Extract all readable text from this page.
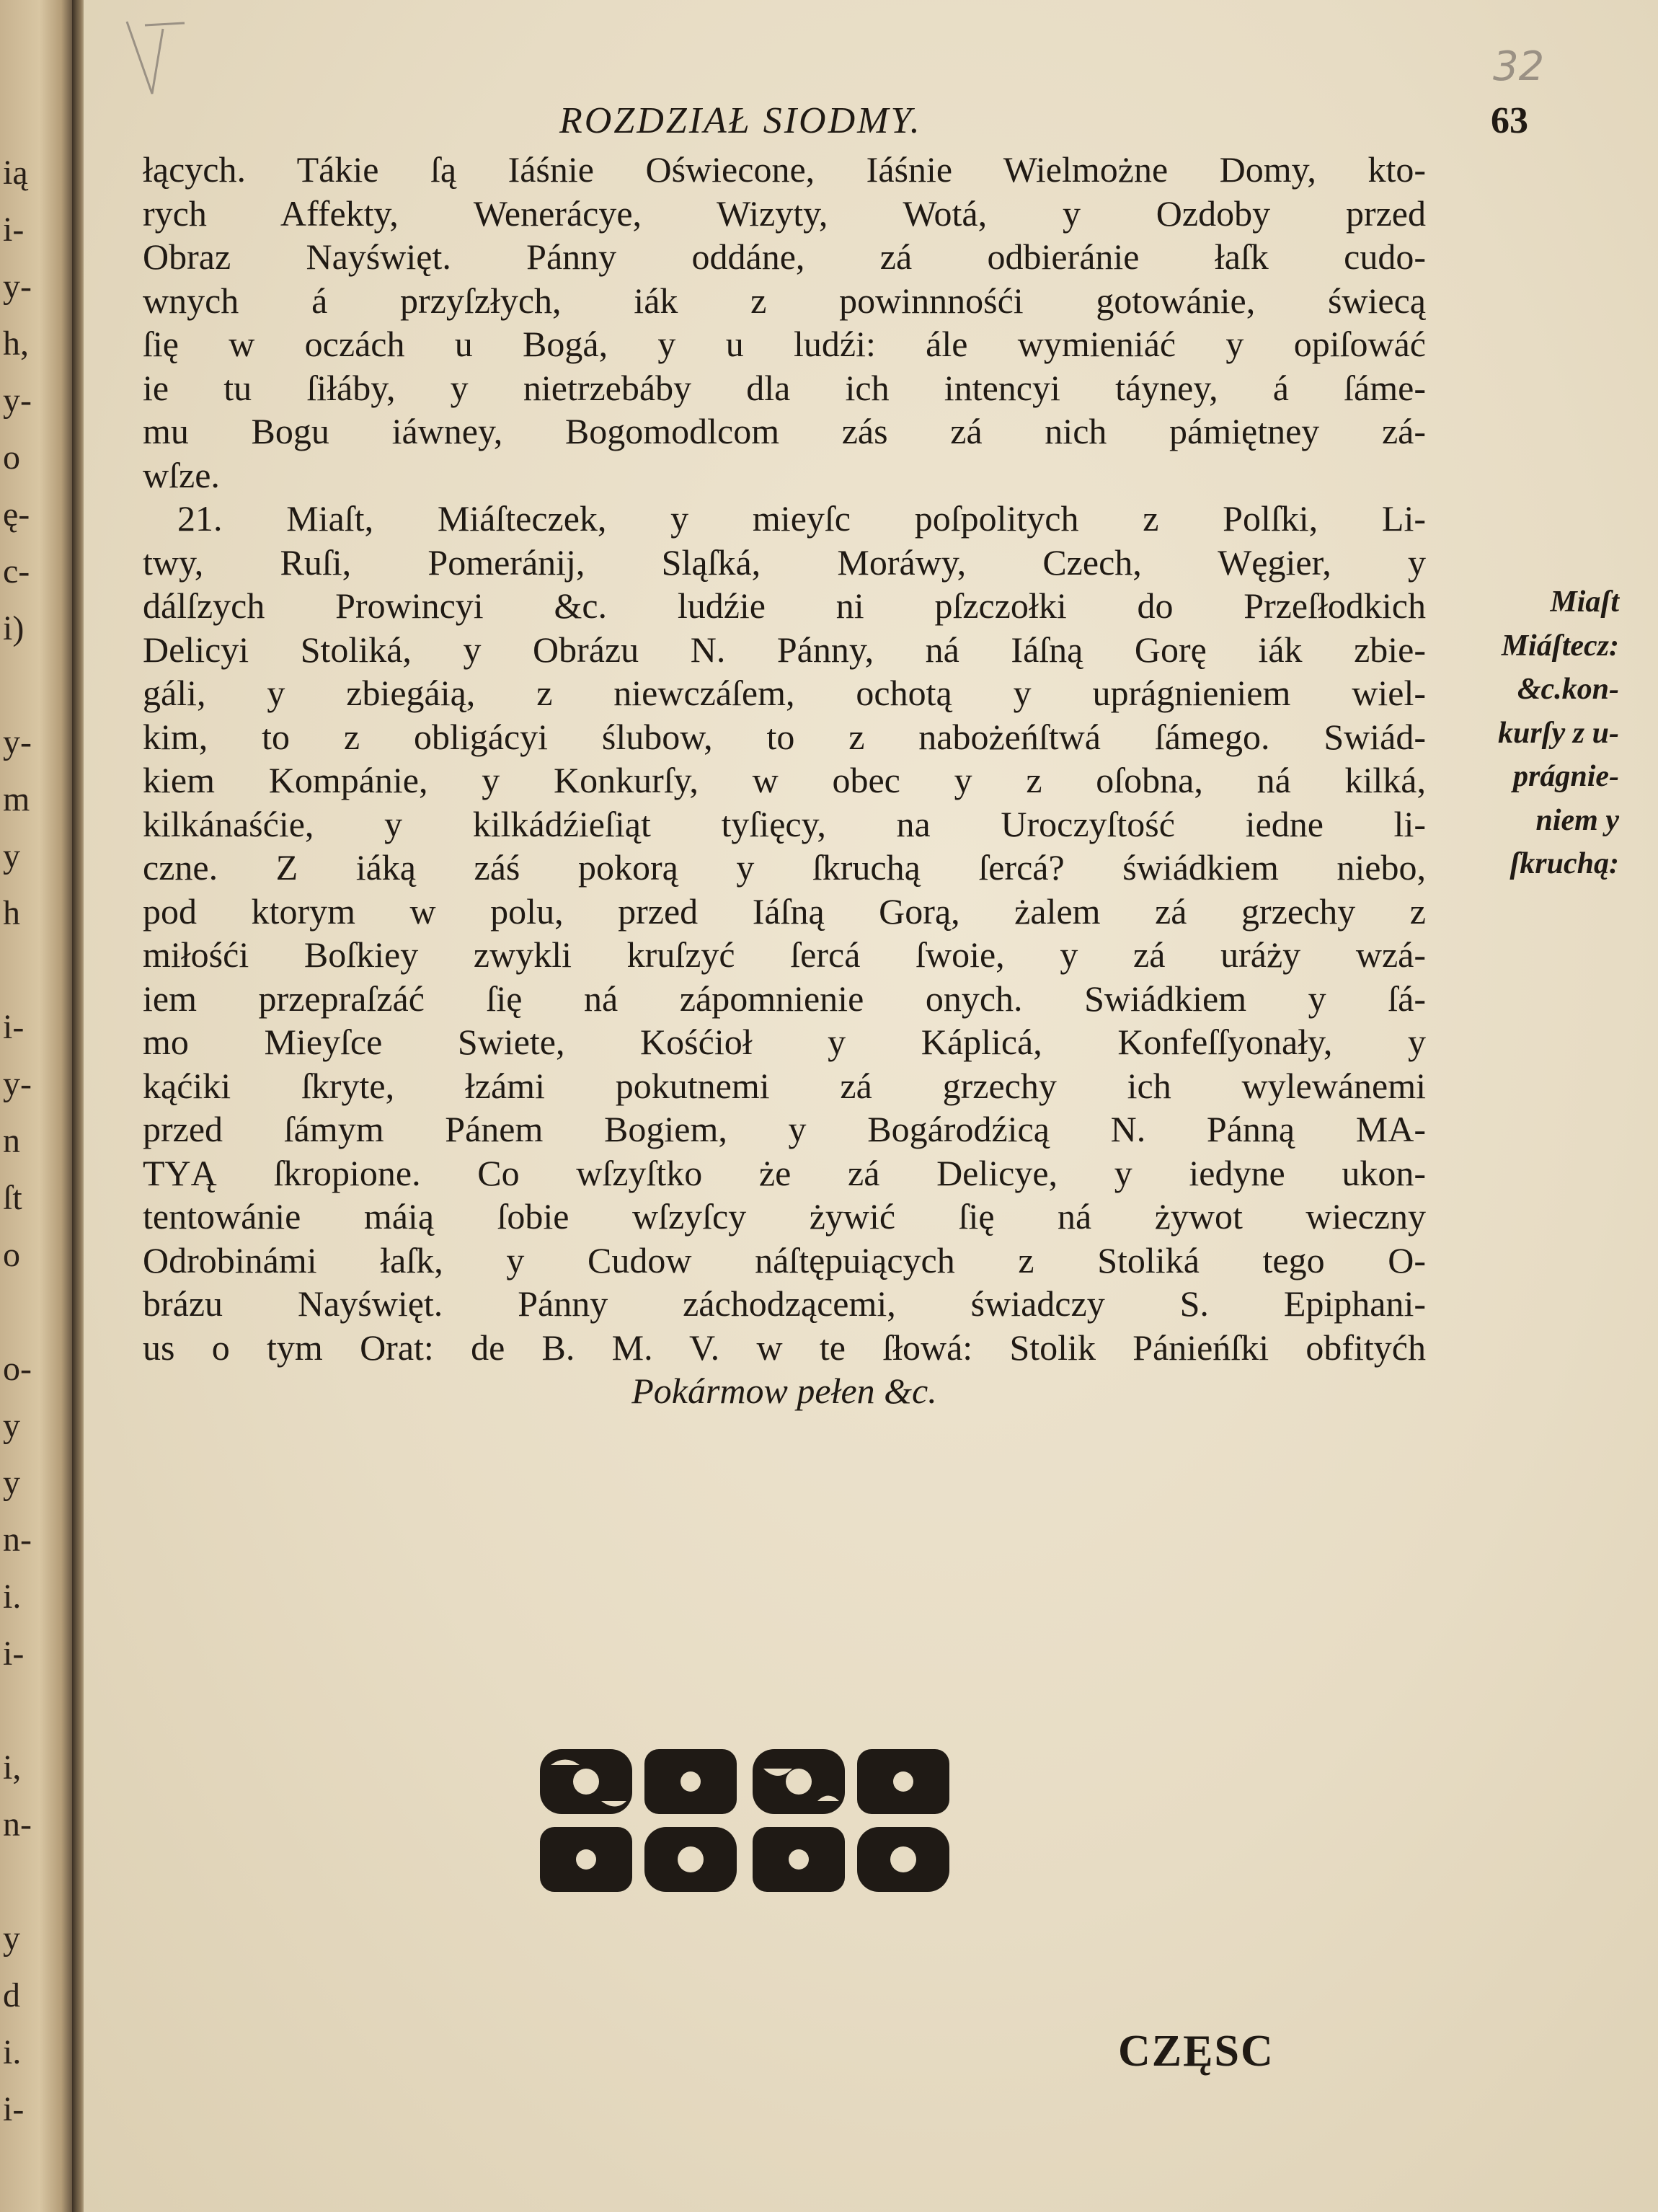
ią
i-
y-
h,
y-
o
ę-
c-
i)
y-
m
y
h
i-
y-
n
ſt
o
o-
y
y
n-
i.
i-
i,
n-
y
d
i.
i-
32
ROZDZIAŁ SIODMY.	63
łących. Tákie ſą Iáśnie Oświecone, Iáśnie Wielmożne Domy, kto-
rych Affekty, Wenerácye, Wizyty, Wotá, y Ozdoby przed
Obraz Nayświęt. Pánny oddáne, zá odbieránie łaſk cudo-
wnych á przyſzłych, iák z powinnnośći gotowánie, świecą
ſię w oczách u Bogá, y u ludźi: ále wymieniáć y opiſowáć
ie tu ſiłáby, y nietrzebáby dla ich intencyi táyney, á ſáme-
mu Bogu iáwney, Bogomodlcom zás zá nich pámiętney zá-
wſze.
21. Miaſt, Miáſteczek, y mieyſc poſpolitych z Polſki, Li-
twy, Ruſi, Pomeránij, Sląſká, Moráwy, Czech, Węgier, y
dálſzych Prowincyi &c. ludźie ni pſzczołki do Przeſłodkich
Delicyi Stoliká, y Obrázu N. Pánny, ná Iáſną Gorę iák zbie-
gáli, y zbiegáią, z niewczáſem, ochotą y uprágnieniem wiel-
kim, to z obligácyi ślubow, to z nabożeńſtwá ſámego. Swiád-
kiem Kompánie, y Konkurſy, w obec y z oſobna, ná kilká,
kilkánaśćie, y kilkádźieſiąt tyſięcy, na Uroczyſtość iedne li-
czne. Z iáką záś pokorą y ſkruchą ſercá? świádkiem niebo,
pod ktorym w polu, przed Iáſną Gorą, żalem zá grzechy z
miłośći Boſkiey zwykli kruſzyć ſercá ſwoie, y zá uráży wzá-
iem przepraſzáć ſię ná zápomnienie onych. Swiádkiem y ſá-
mo Mieyſce Swiete, Kośćioł y Káplicá, Konfeſſyonały, y
kąćiki ſkryte, łzámi pokutnemi zá grzechy ich wylewánemi
przed ſámym Pánem Bogiem, y Bogárodźicą N. Pánną MA-
TYĄ ſkropione. Co wſzyſtko że zá Delicye, y iedyne ukon-
tentowánie máią ſobie wſzyſcy żywić ſię ná żywot wieczny
Odrobinámi łaſk, y Cudow náſtępuiących z Stoliká tego O-
brázu Nayświęt. Pánny záchodzącemi, świadczy S. Epiphani-
us o tym Orat: de B. M. V. w te ſłowá: Stolik Pánieńſki obfityćh
Pokármow pełen &c.
Miaſt
Miáſtecz:
&c.kon-
kurſy z u-
prágnie-
niem y
ſkruchą:
CZĘSC
